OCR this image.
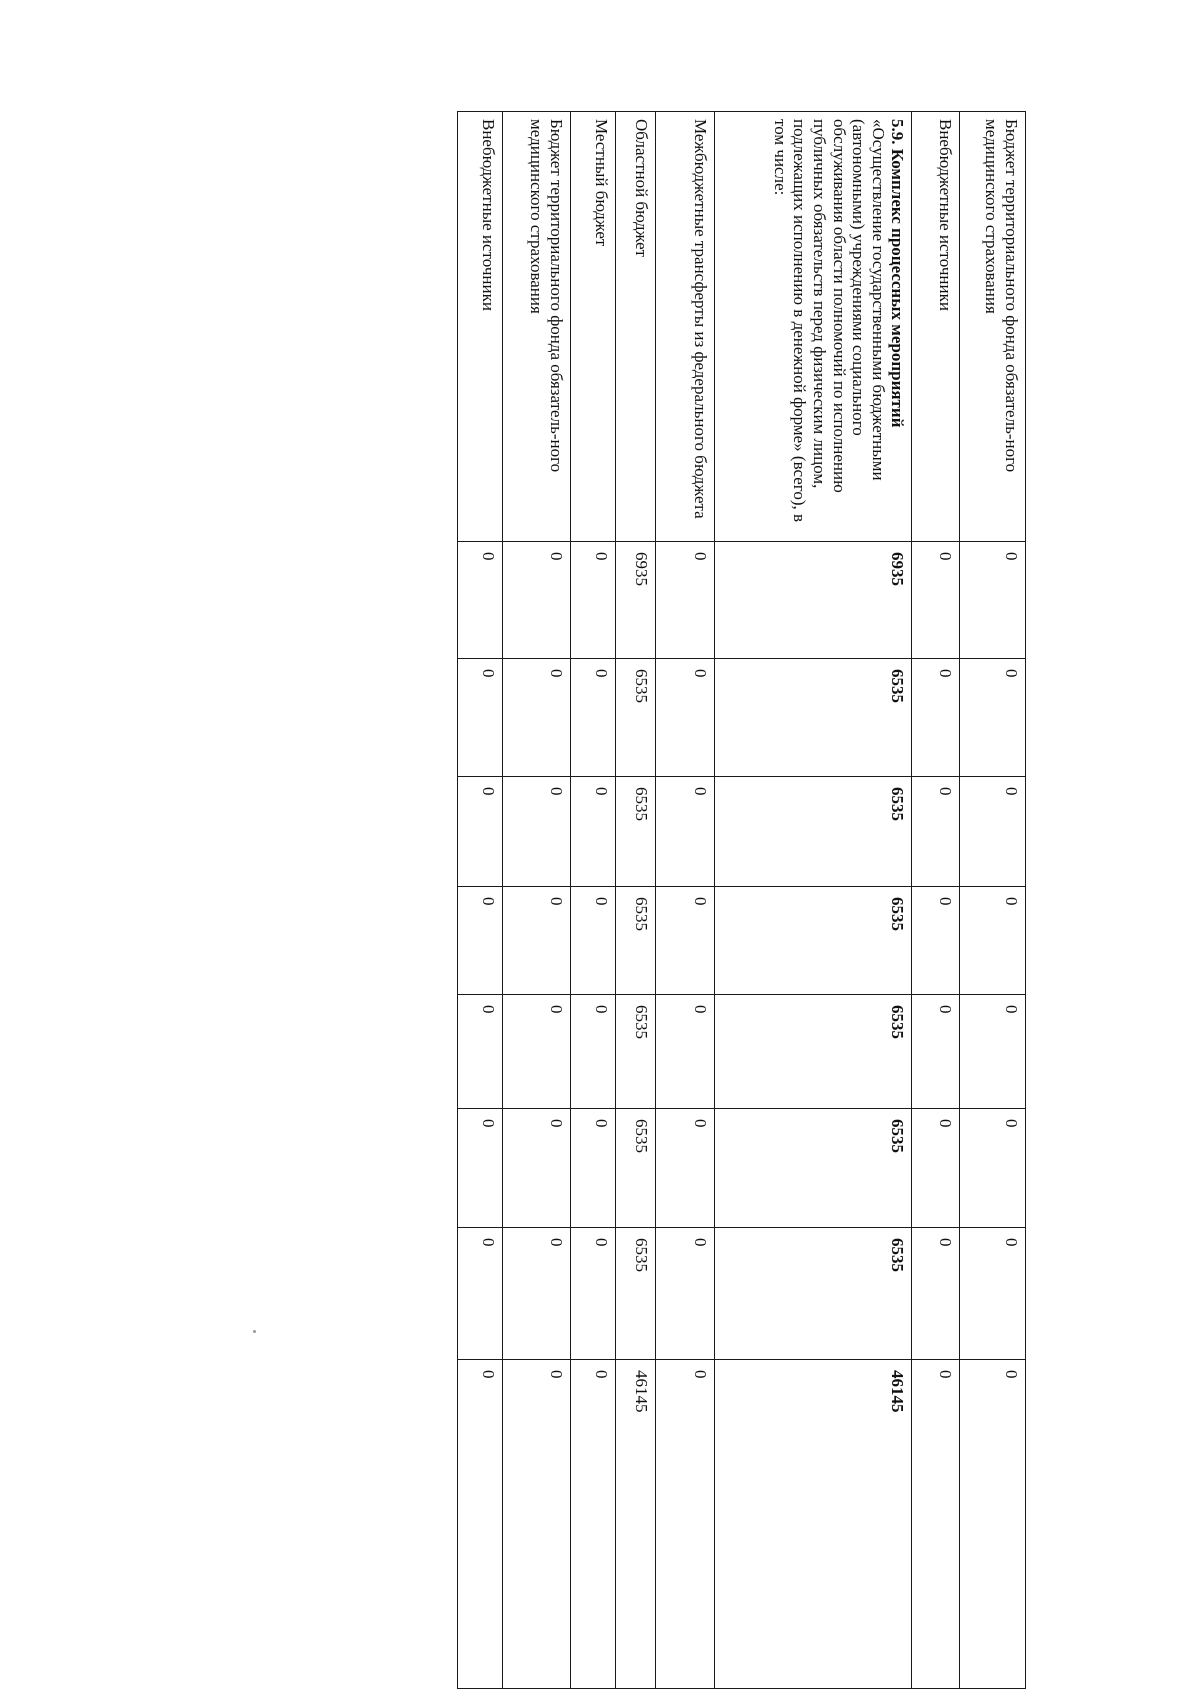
Бюджет территориального фонда обязатель-ного медицинского страхования	0	0	0	0	0	0	0	0	
Внебюджетные источники	0	0	0	0	0	0	0	0	

5.9. Комплекс процессных мероприятий
«Осуществление государственными бюджетными (автономными) учреждениями социального обслуживания области полномочий по исполнению публичных обязательств перед физическим лицом, подлежащих исполнению в денежной форме» (всего), в том числе:	6935	6535	6535	6535	6535	6535	6535	46145	
Межбюджетные трансферты из федерального бюджета	0	0	0	0	0	0	0	0	
Областной бюджет	6935	6535	6535	6535	6535	6535	6535	46145	
Местный бюджет	0	0	0	0	0	0	0	0	
Бюджет территориального фонда обязатель-ного медицинского страхования	0	0	0	0	0	0	0	0	
Внебюджетные источники	0	0	0	0	0	0	0	0	
